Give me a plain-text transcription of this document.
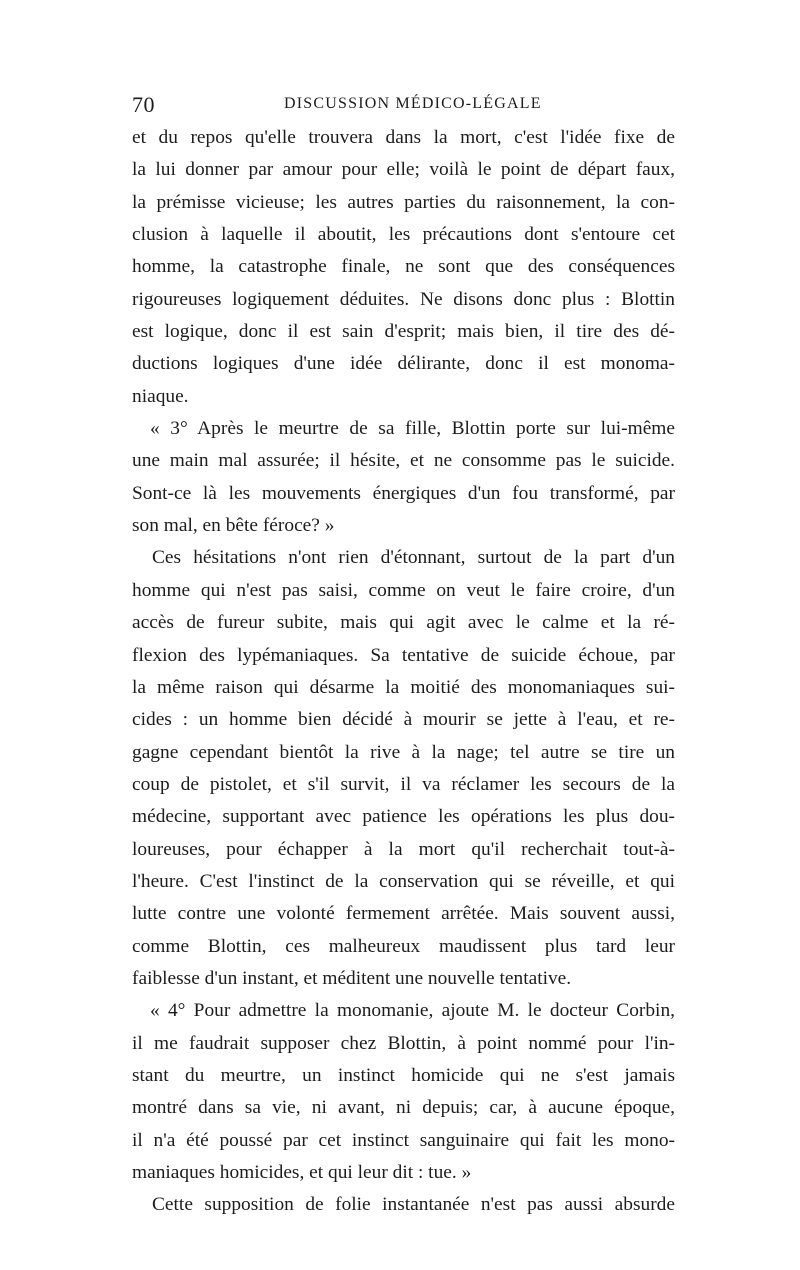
70	DISCUSSION MÉDICO-LÉGALE
et du repos qu'elle trouvera dans la mort, c'est l'idée fixe de
la lui donner par amour pour elle; voilà le point de départ faux,
la prémisse vicieuse; les autres parties du raisonnement, la con-
clusion à laquelle il aboutit, les précautions dont s'entoure cet
homme, la catastrophe finale, ne sont que des conséquences
rigoureuses logiquement déduites. Ne disons donc plus : Blottin
est logique, donc il est sain d'esprit; mais bien, il tire des dé-
ductions logiques d'une idée délirante, donc il est monoma-
niaque.
« 3° Après le meurtre de sa fille, Blottin porte sur lui-même
une main mal assurée; il hésite, et ne consomme pas le suicide.
Sont-ce là les mouvements énergiques d'un fou transformé, par
son mal, en bête féroce? »
Ces hésitations n'ont rien d'étonnant, surtout de la part d'un
homme qui n'est pas saisi, comme on veut le faire croire, d'un
accès de fureur subite, mais qui agit avec le calme et la ré-
flexion des lypémaniaques. Sa tentative de suicide échoue, par
la même raison qui désarme la moitié des monomaniaques sui-
cides : un homme bien décidé à mourir se jette à l'eau, et re-
gagne cependant bientôt la rive à la nage; tel autre se tire un
coup de pistolet, et s'il survit, il va réclamer les secours de la
médecine, supportant avec patience les opérations les plus dou-
loureuses, pour échapper à la mort qu'il recherchait tout-à-
l'heure. C'est l'instinct de la conservation qui se réveille, et qui
lutte contre une volonté fermement arrêtée. Mais souvent aussi,
comme Blottin, ces malheureux maudissent plus tard leur
faiblesse d'un instant, et méditent une nouvelle tentative.
« 4° Pour admettre la monomanie, ajoute M. le docteur Corbin,
il me faudrait supposer chez Blottin, à point nommé pour l'in-
stant du meurtre, un instinct homicide qui ne s'est jamais
montré dans sa vie, ni avant, ni depuis; car, à aucune époque,
il n'a été poussé par cet instinct sanguinaire qui fait les mono-
maniaques homicides, et qui leur dit : tue. »
Cette supposition de folie instantanée n'est pas aussi absurde
